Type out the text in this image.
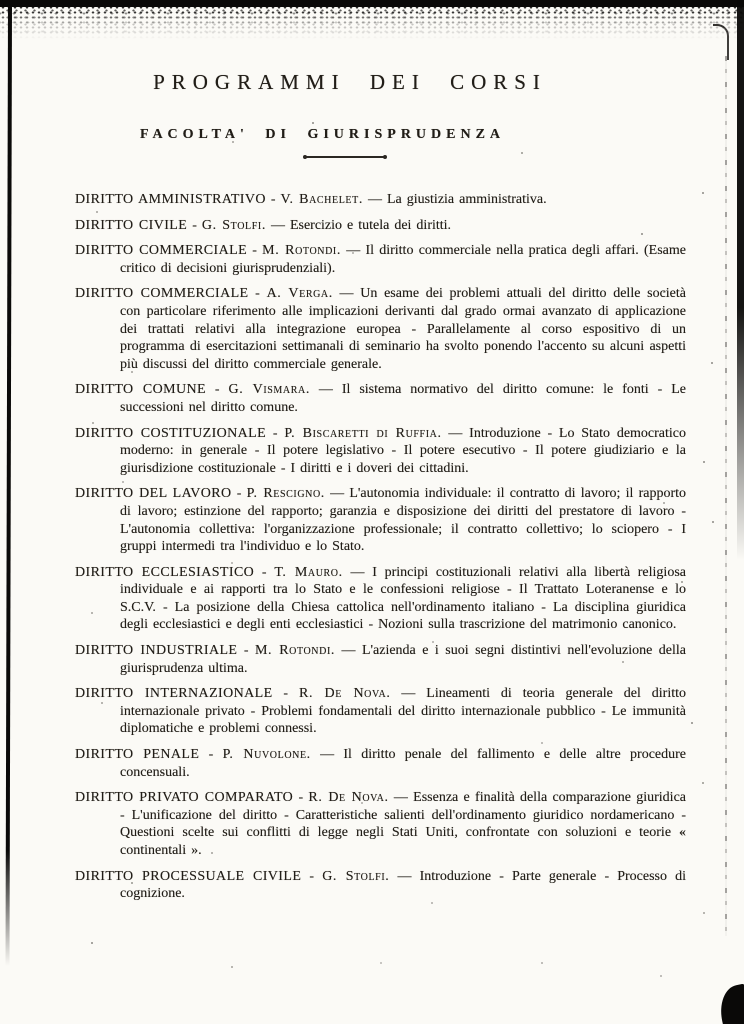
PROGRAMMI DEI CORSI
FACOLTA' DI GIURISPRUDENZA

DIRITTO AMMINISTRATIVO - V. Bachelet. — La giustizia amministrativa.

DIRITTO CIVILE - G. Stolfi. — Esercizio e tutela dei diritti.

DIRITTO COMMERCIALE - M. Rotondi. — Il diritto commerciale nella pratica degli affari. (Esame critico di decisioni giurisprudenziali).

DIRITTO COMMERCIALE - A. Verga. — Un esame dei problemi attuali del diritto delle società con particolare riferimento alle implicazioni derivanti dal grado ormai avanzato di applicazione dei trattati relativi alla integrazione europea - Parallelamente al corso espositivo di un programma di esercitazioni settimanali di seminario ha svolto ponendo l'accento su alcuni aspetti più discussi del diritto commerciale generale.

DIRITTO COMUNE - G. Vismara. — Il sistema normativo del diritto comune: le fonti - Le successioni nel diritto comune.

DIRITTO COSTITUZIONALE - P. Biscaretti di Ruffia. — Introduzione - Lo Stato democratico moderno: in generale - Il potere legislativo - Il potere esecutivo - Il potere giudiziario e la giurisdizione costituzionale - I diritti e i doveri dei cittadini.

DIRITTO DEL LAVORO - P. Rescigno. — L'autonomia individuale: il contratto di lavoro; il rapporto di lavoro; estinzione del rapporto; garanzia e disposizione dei diritti del prestatore di lavoro - L'autonomia collettiva: l'organizzazione professionale; il contratto collettivo; lo sciopero - I gruppi intermedi tra l'individuo e lo Stato.

DIRITTO ECCLESIASTICO - T. Mauro. — I principi costituzionali relativi alla libertà religiosa individuale e ai rapporti tra lo Stato e le confessioni religiose - Il Trattato Loteranense e lo S.C.V. - La posizione della Chiesa cattolica nell'ordinamento italiano - La disciplina giuridica degli ecclesiastici e degli enti ecclesiastici - Nozioni sulla trascrizione del matrimonio canonico.

DIRITTO INDUSTRIALE - M. Rotondi. — L'azienda e i suoi segni distintivi nell'evoluzione della giurisprudenza ultima.

DIRITTO INTERNAZIONALE - R. De Nova. — Lineamenti di teoria generale del diritto internazionale privato - Problemi fondamentali del diritto internazionale pubblico - Le immunità diplomatiche e problemi connessi.

DIRITTO PENALE - P. Nuvolone. — Il diritto penale del fallimento e delle altre procedure concensuali.

DIRITTO PRIVATO COMPARATO - R. De Nova. — Essenza e finalità della comparazione giuridica - L'unificazione del diritto - Caratteristiche salienti dell'ordinamento giuridico nordamericano - Questioni scelte sui conflitti di legge negli Stati Uniti, confrontate con soluzioni e teorie « continentali ».

DIRITTO PROCESSUALE CIVILE - G. Stolfi. — Introduzione - Parte generale - Processo di cognizione.
